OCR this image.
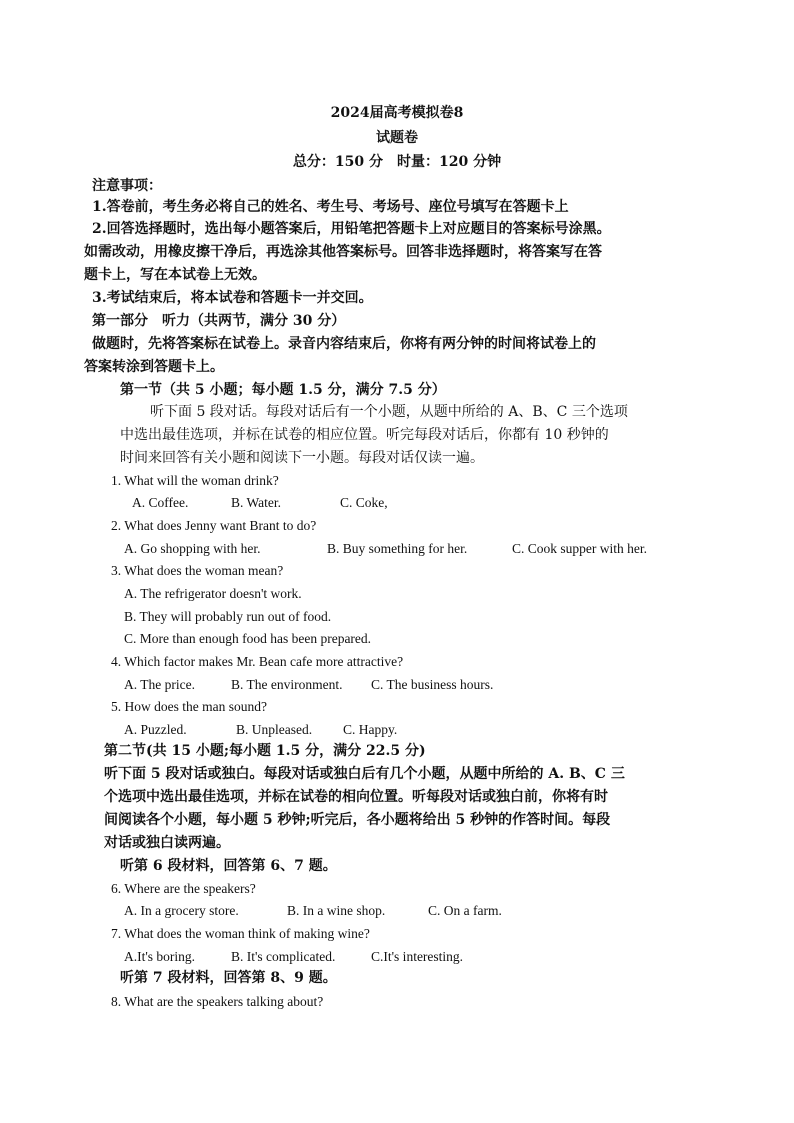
2024届高考模拟卷8
试题卷
总分：150 分　时量：120 分钟
注意事项：
1.答卷前，考生务必将自己的姓名、考生号、考场号、座位号填写在答题卡上
2.回答选择题时，选出每小题答案后，用铅笔把答题卡上对应题目的答案标号涂黑。
如需改动，用橡皮擦干净后，再选涂其他答案标号。回答非选择题时，将答案写在答
题卡上，写在本试卷上无效。
3.考试结束后，将本试卷和答题卡一并交回。
第一部分　听力（共两节，满分 30 分）
做题时，先将答案标在试卷上。录音内容结束后，你将有两分钟的时间将试卷上的
答案转涂到答题卡上。
第一节（共 5 小题；每小题 1.5 分，满分 7.5 分）
听下面 5 段对话。每段对话后有一个小题，从题中所给的 A、B、C 三个选项
中选出最佳选项，并标在试卷的相应位置。听完每段对话后，你都有 10 秒钟的
时间来回答有关小题和阅读下一小题。每段对话仅读一遍。
1. What will the woman drink?
A. Coffee.	B. Water.	C. Coke,
2. What does Jenny want Brant to do?
A. Go shopping with her.	B. Buy something for her.	C. Cook supper with her.
3. What does the woman mean?
A. The refrigerator doesn't work.
B. They will probably run out of food.
C. More than enough food has been prepared.
4. Which factor makes Mr. Bean cafe more attractive?
A. The price.	B. The environment. C. The business hours.
5. How does the man sound?
A. Puzzled.	B. Unpleased. C. Happy.
第二节(共 15 小题;每小题 1.5 分，满分 22.5 分)
听下面 5 段对话或独白。每段对话或独白后有几个小题，从题中所给的 A. B、C 三
个选项中选出最佳选项，并标在试卷的相向位置。听每段对话或独白前，你将有时
间阅读各个小题，每小题 5 秒钟;听完后，各小题将给出 5 秒钟的作答时间。每段
对话或独白读两遍。
听第 6 段材料，回答第 6、7 题。
6. Where are the speakers?
A. In a grocery store.	B. In a wine shop.	C. On a farm.
7. What does the woman think of making wine?
A.It's boring.	B. It's complicated.	C.It's interesting.
听第 7 段材料，回答第 8、9 题。
8. What are the speakers talking about?
